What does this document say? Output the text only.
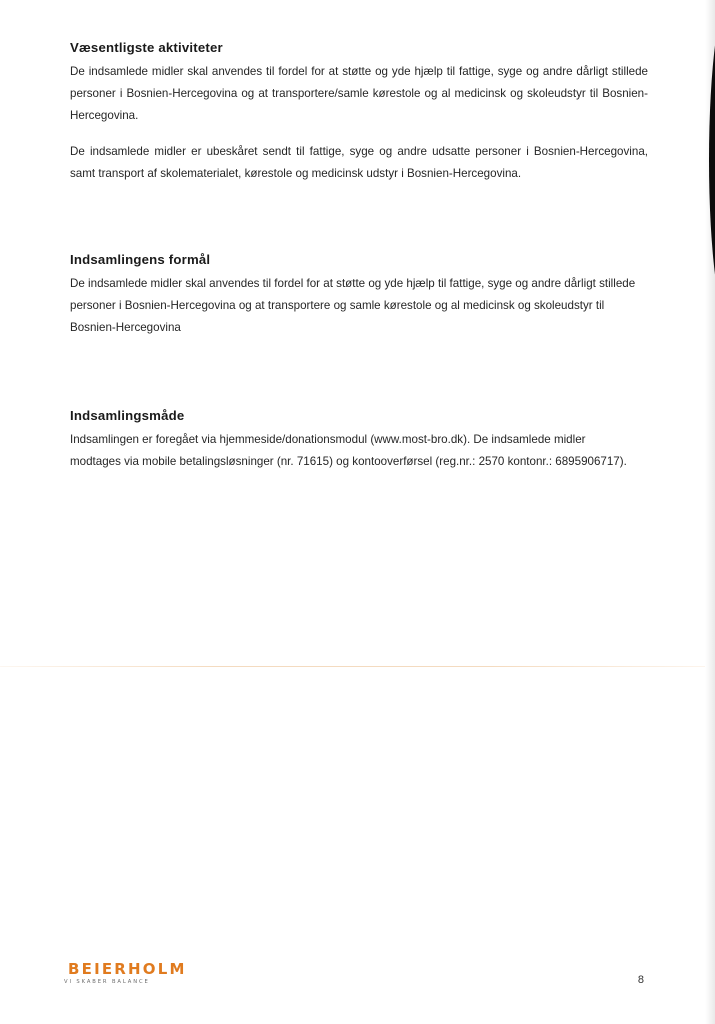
Væsentligste aktiviteter

De indsamlede midler skal anvendes til fordel for at støtte og yde hjælp til fattige, syge og andre dårligt stillede personer i Bosnien-Hercegovina og at transportere/samle kørestole og al medicinsk og skoleudstyr til Bosnien-Hercegovina.

De indsamlede midler er ubeskåret sendt til fattige, syge og andre udsatte personer i Bosnien-Hercegovina, samt transport af skolematerialet, kørestole og medicinsk udstyr i Bosnien-Hercegovina.

Indsamlingens formål

De indsamlede midler skal anvendes til fordel for at støtte og yde hjælp til fattige, syge og andre dårligt stillede personer i Bosnien-Hercegovina og at transportere og samle kørestole og al medicinsk og skoleudstyr til Bosnien-Hercegovina

Indsamlingsmåde

Indsamlingen er foregået via hjemmeside/donationsmodul (www.most-bro.dk). De indsamlede midler modtages via mobile betalingsløsninger (nr. 71615) og kontooverførsel (reg.nr.: 2570 kontonr.: 6895906717).

BEIERHOLM
VI SKABER BALANCE	8
